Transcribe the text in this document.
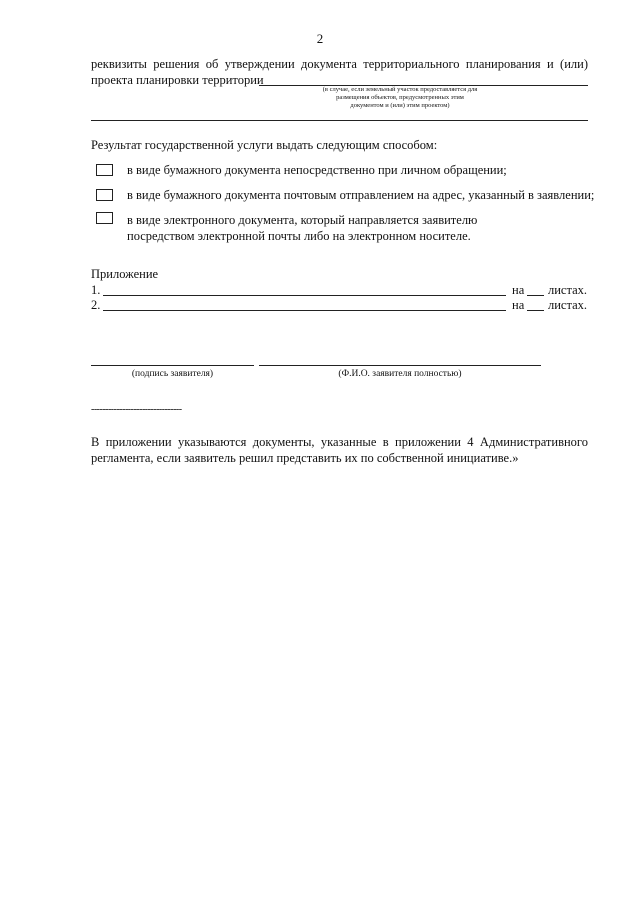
2
реквизиты решения об утверждении документа территориального планирования и (или)
проекта планировки территории
(в случае, если земельный участок предоставляется для
размещения объектов, предусмотренных этим
документом и (или) этим проектом)
Результат государственной услуги выдать следующим способом:
в виде бумажного документа непосредственно при личном обращении;
в виде бумажного документа почтовым отправлением на адрес, указанный в заявлении;
в виде электронного документа, который направляется заявителю
посредством электронной почты либо на электронном носителе.
Приложение
1.	на листах.
2.	на листах.
(подпись заявителя)	(Ф.И.О. заявителя полностью)
--------------------------------
В приложении указываются документы, указанные в приложении 4 Административного
регламента, если заявитель решил представить их по собственной инициативе.»
